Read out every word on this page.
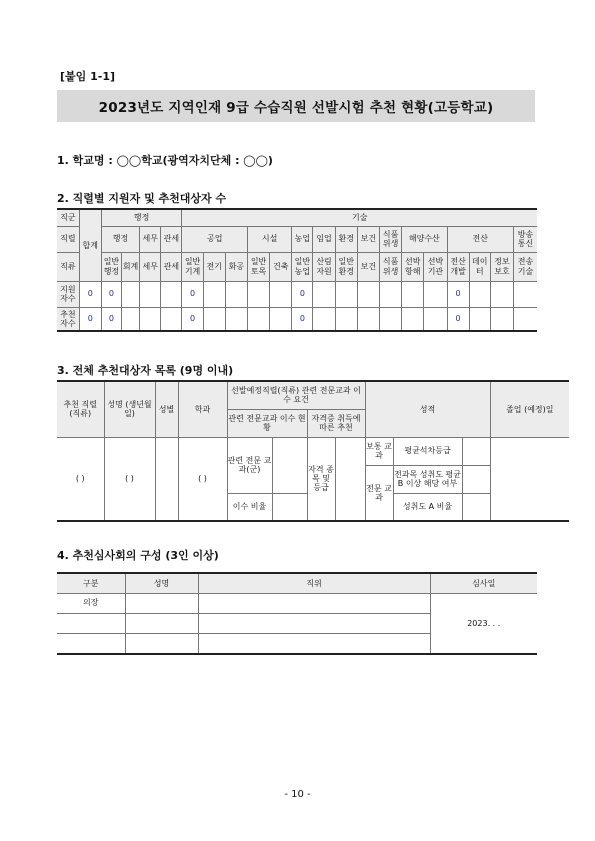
[붙임 1-1]
2023년도 지역인재 9급 수습직원 선발시험 추천 현황(고등학교)
1. 학교명 : ◯◯학교(광역자치단체 : ◯◯)
2. 직렬별 지원자 및 추천대상자 수
직군	합계	행정				기술															
직렬		행정		세무	관세	공업			시설		농업	임업	환경	보건	식품위생	해양수산		전산			방송통신
직류		일반행정	회계	세무	관세	일반기계	전기	화공	일반토목	건축	일반농업	산림자원	일반환경	보건	식품위생	선박항해	선박기관	전산개발	데이터	정보보호	전송기술
지원자수	0	0				0					0							0			
추천자수	0	0				0					0							0			
3. 전체 추천대상자 목록 (9명 이내)
추천 직렬 (직류)	성명 (생년월일)	성별	학과	선발예정직렬(직류) 관련 전문교과 이수 요건				성적			졸업 (예정)일
				관련 전문교과 이수 현황		자격증 취득에 따른 추천					
( )	( )		( )	관련 전문 교과(군)		자격 종목 및 등급		보통 교과	평균석차등급		
								전문 교과	전과목 성취도 평균 B 이상 해당 여부		
				이수 비율					성취도 A 비율		
4. 추천심사회의 구성 (3인 이상)
구분	성명	직위	심사일
의장			2023. . .

- 10 -
